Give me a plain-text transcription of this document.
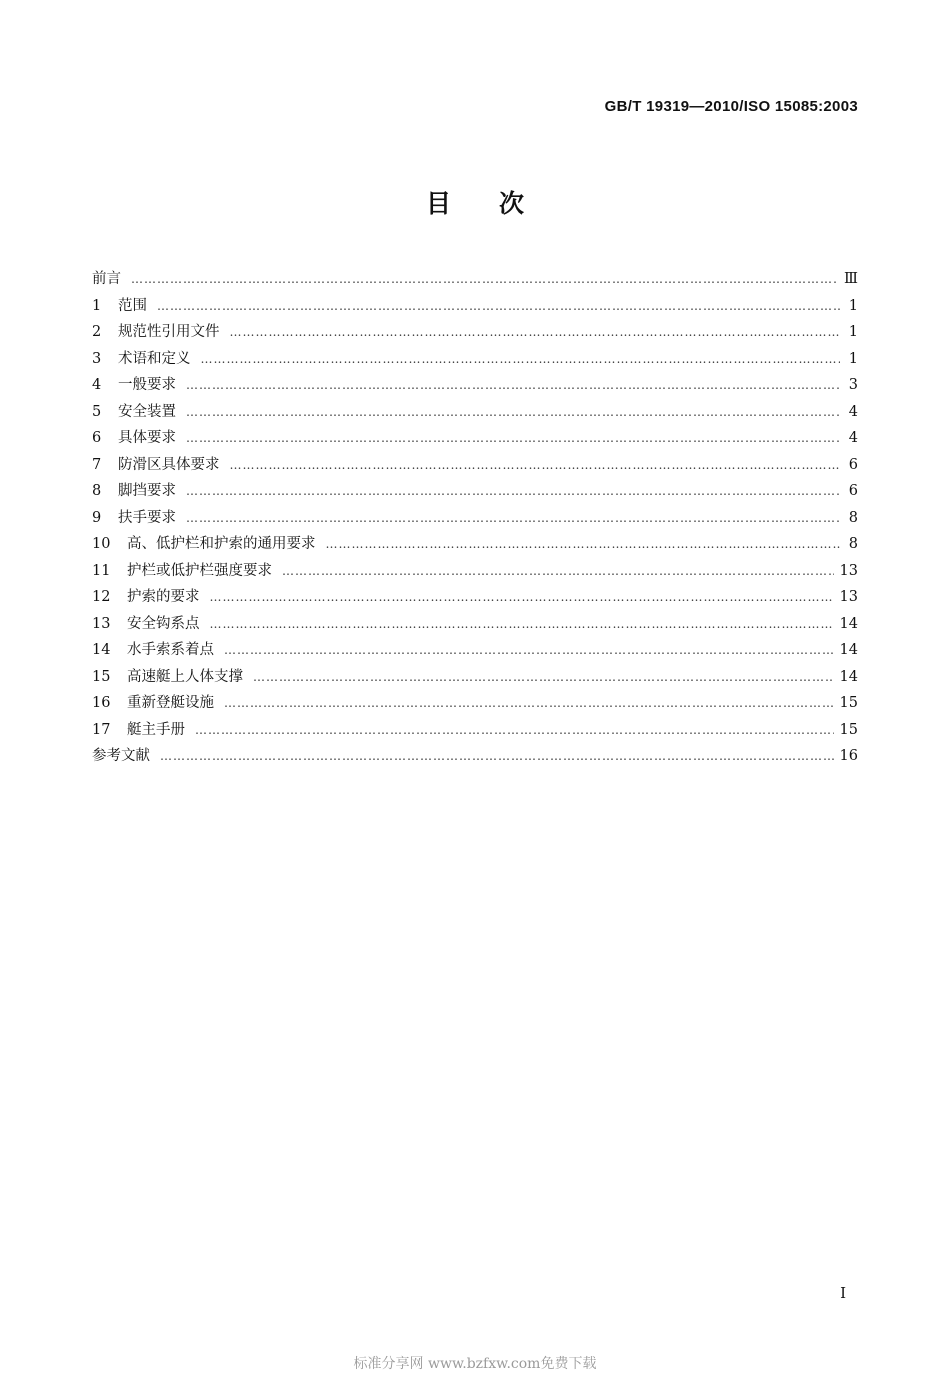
GB/T 19319—2010/ISO 15085:2003
目次
前言 …………………………………………………………………………………………………………………………………………………………………………………………………………………………………………………………	Ⅲ
1	范围 …………………………………………………………………………………………………………………………………………………………………………………………………………………………………………………………	1
2	规范性引用文件 …………………………………………………………………………………………………………………………………………………………………………………………………………………………………………………………	1
3	术语和定义 …………………………………………………………………………………………………………………………………………………………………………………………………………………………………………………………	1
4	一般要求 …………………………………………………………………………………………………………………………………………………………………………………………………………………………………………………………	3
5	安全装置 …………………………………………………………………………………………………………………………………………………………………………………………………………………………………………………………	4
6	具体要求 …………………………………………………………………………………………………………………………………………………………………………………………………………………………………………………………	4
7	防滑区具体要求 …………………………………………………………………………………………………………………………………………………………………………………………………………………………………………………………	6
8	脚挡要求 …………………………………………………………………………………………………………………………………………………………………………………………………………………………………………………………	6
9	扶手要求 …………………………………………………………………………………………………………………………………………………………………………………………………………………………………………………………	8
10	高、低护栏和护索的通用要求 …………………………………………………………………………………………………………………………………………………………………………………………………………………………………………………………	8
11	护栏或低护栏强度要求 …………………………………………………………………………………………………………………………………………………………………………………………………………………………………………………………	13
12	护索的要求 …………………………………………………………………………………………………………………………………………………………………………………………………………………………………………………………	13
13	安全钩系点 …………………………………………………………………………………………………………………………………………………………………………………………………………………………………………………………	14
14	水手索系着点 …………………………………………………………………………………………………………………………………………………………………………………………………………………………………………………………	14
15	高速艇上人体支撑 …………………………………………………………………………………………………………………………………………………………………………………………………………………………………………………………	14
16	重新登艇设施 …………………………………………………………………………………………………………………………………………………………………………………………………………………………………………………………	15
17	艇主手册 …………………………………………………………………………………………………………………………………………………………………………………………………………………………………………………………	15
参考文献 …………………………………………………………………………………………………………………………………………………………………………………………………………………………………………………………	16
I
标准分享网 www.bzfxw.com免费下载
